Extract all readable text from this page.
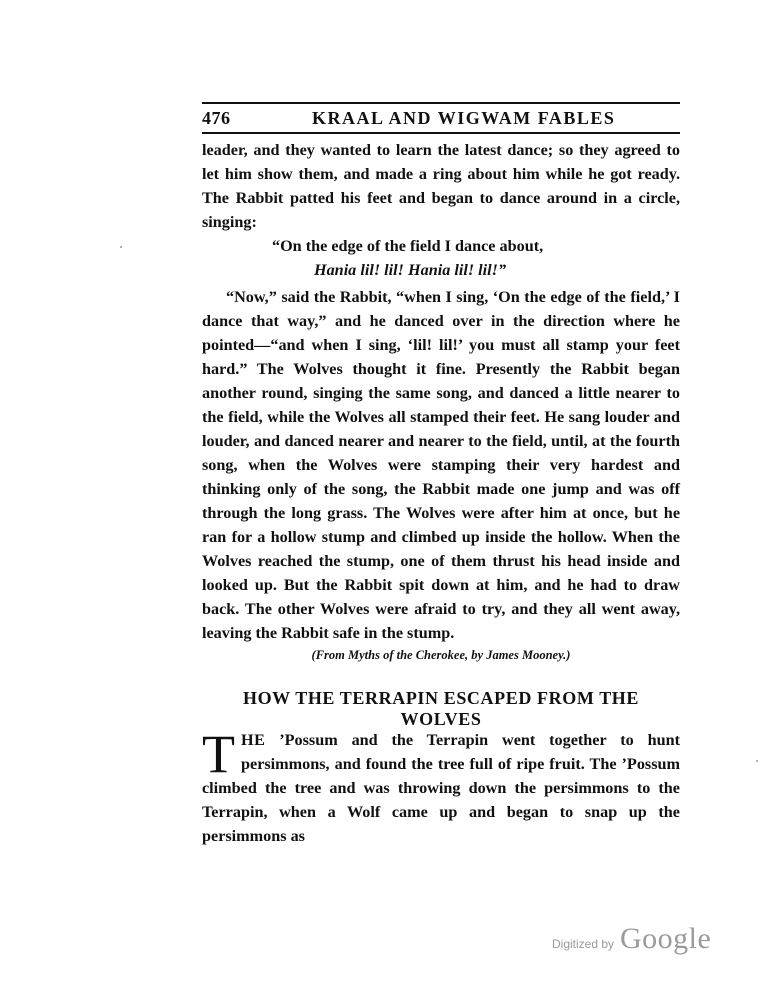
476	KRAAL AND WIGWAM FABLES
leader, and they wanted to learn the latest dance; so they agreed to let him show them, and made a ring about him while he got ready. The Rabbit patted his feet and began to dance around in a circle, singing:
“On the edge of the field I dance about,
Hania lil! lil! Hania lil! lil!”
“Now,” said the Rabbit, “when I sing, ‘On the edge of the field,’ I dance that way,” and he danced over in the direction where he pointed—“and when I sing, ‘lil! lil!’ you must all stamp your feet hard.” The Wolves thought it fine. Presently the Rabbit began another round, singing the same song, and danced a little nearer to the field, while the Wolves all stamped their feet. He sang louder and louder, and danced nearer and nearer to the field, until, at the fourth song, when the Wolves were stamping their very hardest and thinking only of the song, the Rabbit made one jump and was off through the long grass. The Wolves were after him at once, but he ran for a hollow stump and climbed up inside the hollow. When the Wolves reached the stump, one of them thrust his head inside and looked up. But the Rabbit spit down at him, and he had to draw back. The other Wolves were afraid to try, and they all went away, leaving the Rabbit safe in the stump.
(From Myths of the Cherokee, by James Mooney.)
HOW THE TERRAPIN ESCAPED FROM THE WOLVES
THE ’Possum and the Terrapin went together to hunt persimmons, and found the tree full of ripe fruit. The ’Possum climbed the tree and was throwing down the persimmons to the Terrapin, when a Wolf came up and began to snap up the persimmons as
Digitized by Google
